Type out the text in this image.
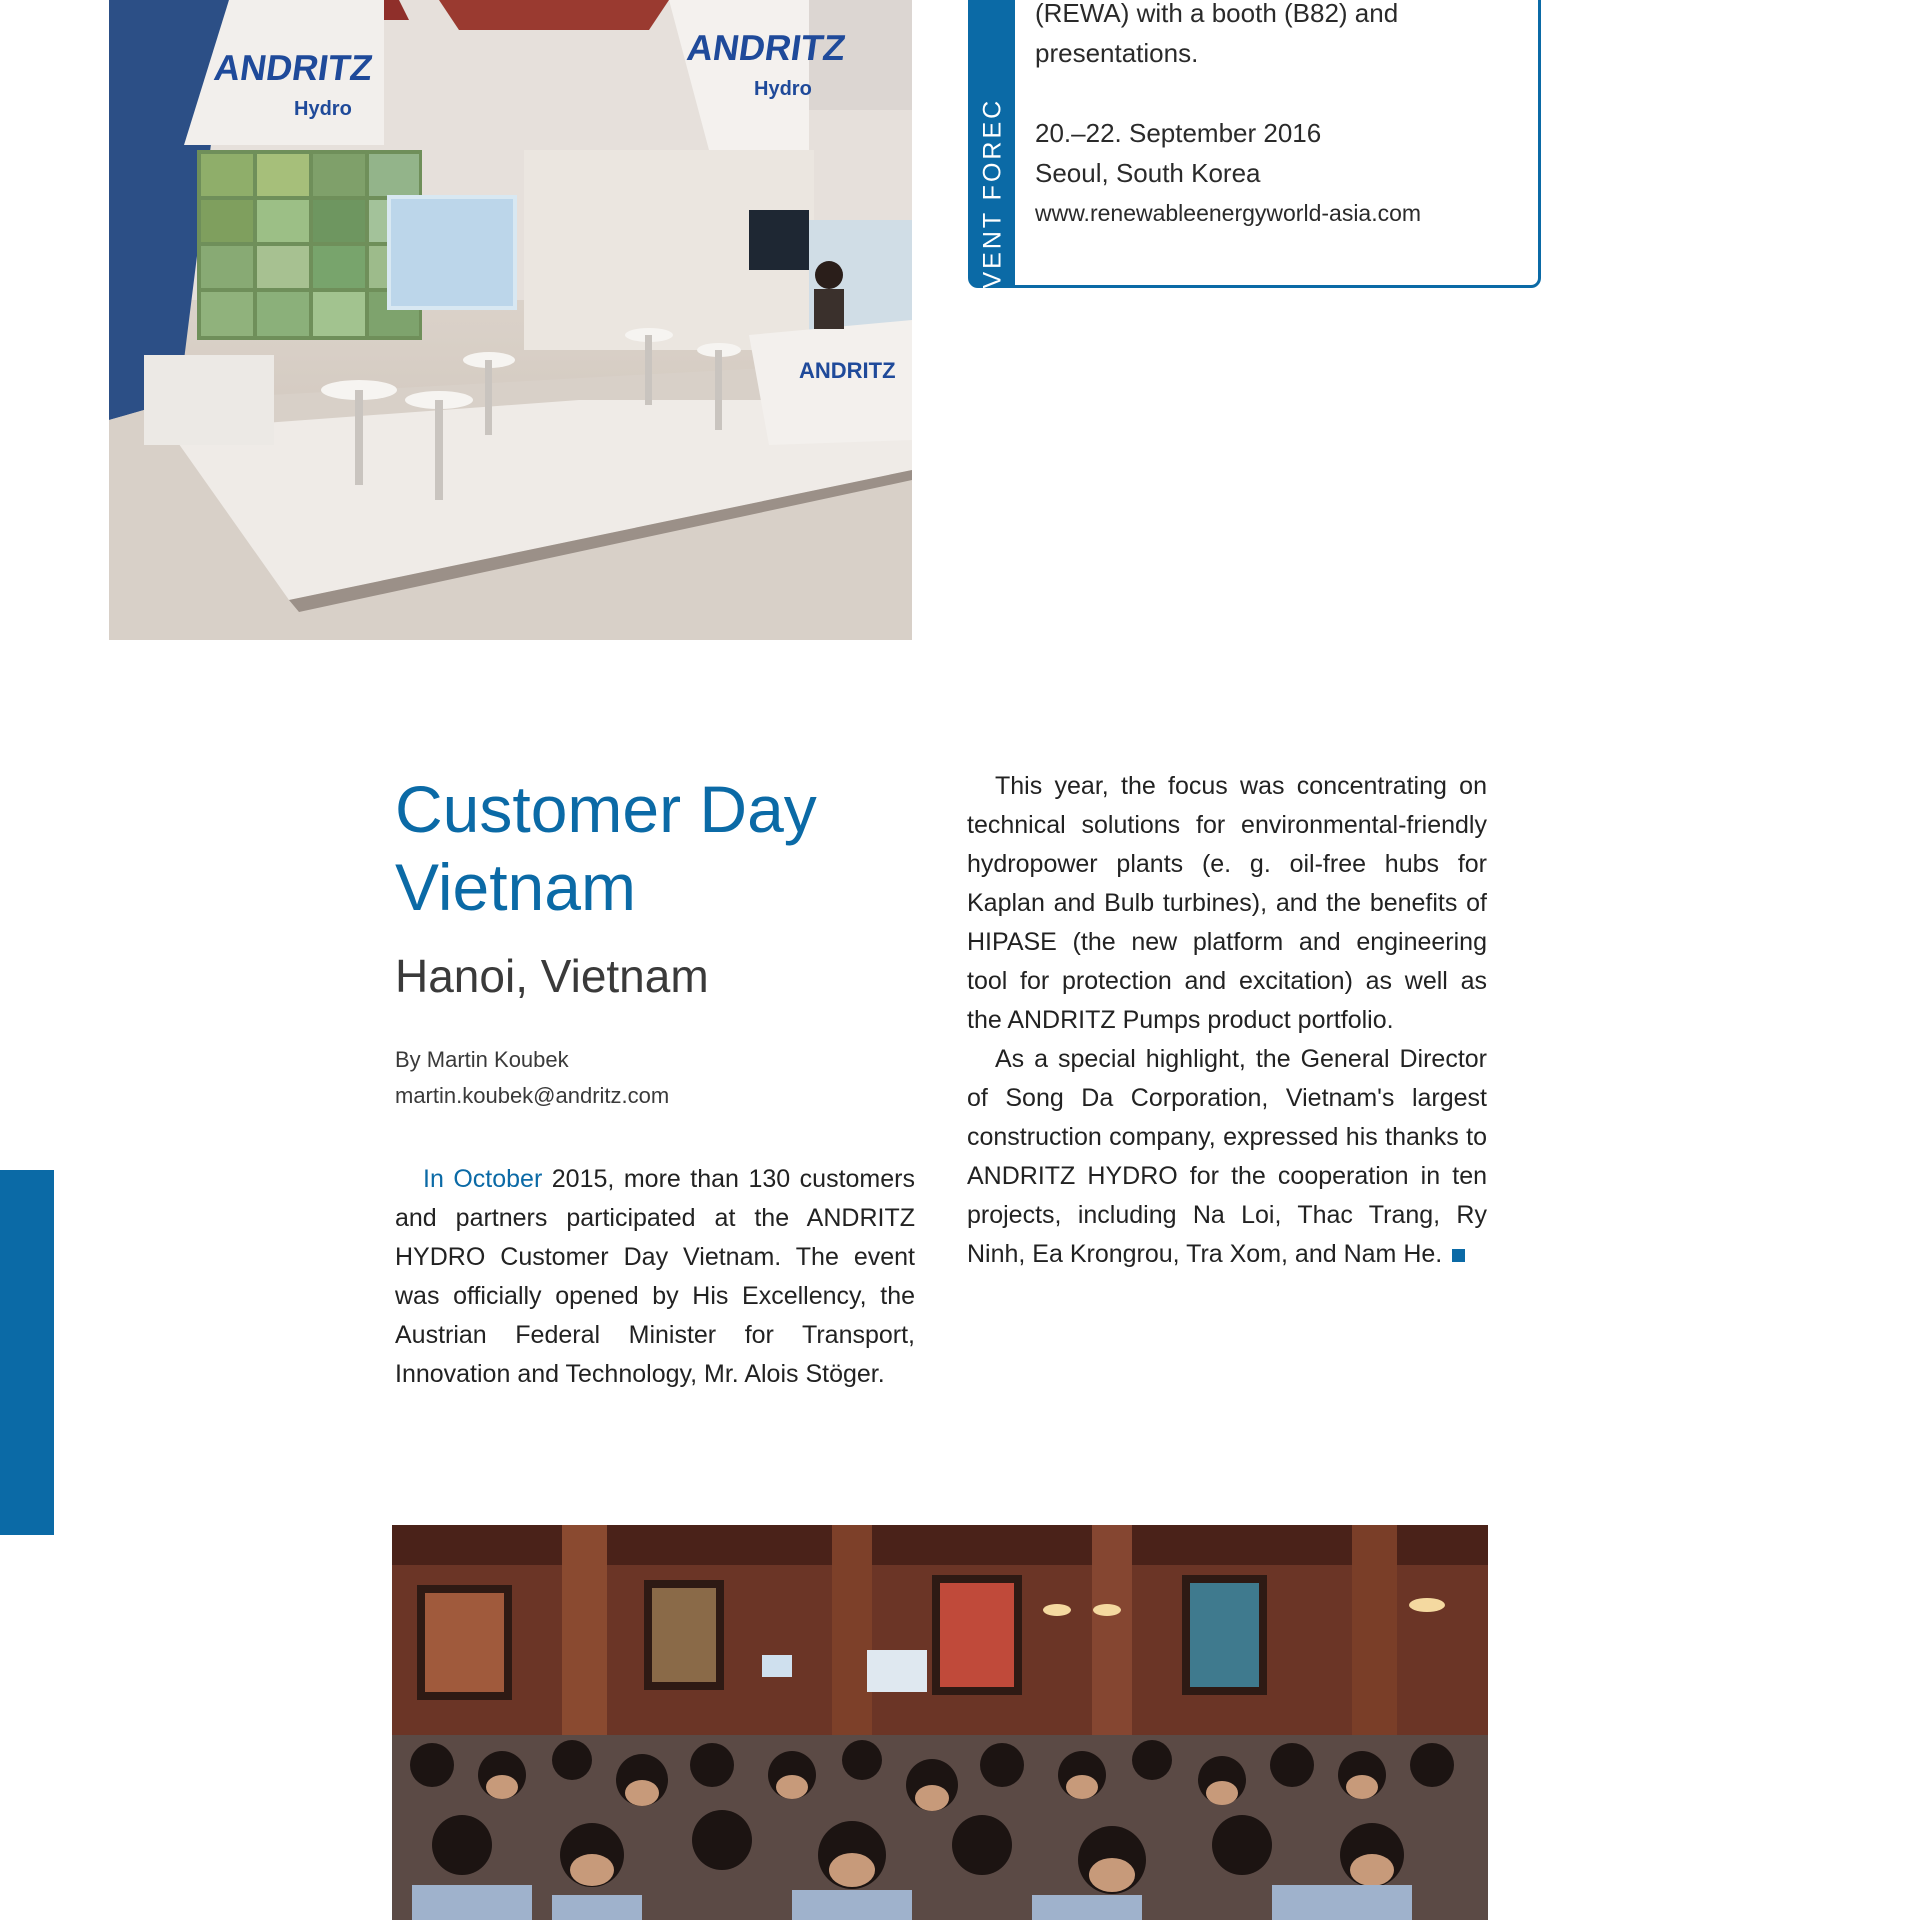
ANDRITZ
Hydro
ANDRITZ
Hydro
ANDRITZ
EVENT FOREC

(REWA) with a booth (B82) and

presentations.

20.–22. September 2016

Seoul, South Korea

www.renewableenergyworld-asia.com

Customer Day Vietnam
Hanoi, Vietnam
By Martin Koubek
martin.koubek@andritz.com

In October 2015, more than 130 customers and partners participated at the ANDRITZ HYDRO Customer Day Vietnam. The event was officially opened by His Excellency, the Austrian Federal Minister for Transport, Innovation and Technology, Mr. Alois Stöger.

This year, the focus was concentrating on technical solutions for environmental-friendly hydropower plants (e. g. oil-free hubs for Kaplan and Bulb turbines), and the benefits of HIPASE (the new platform and engineering tool for protection and excitation) as well as the ANDRITZ Pumps product portfolio.

As a special highlight, the General Director of Song Da Corporation, Vietnam's largest construction company, expressed his thanks to ANDRITZ HYDRO for the cooperation in ten projects, including Na Loi, Thac Trang, Ry Ninh, Ea Krongrou, Tra Xom, and Nam He.
